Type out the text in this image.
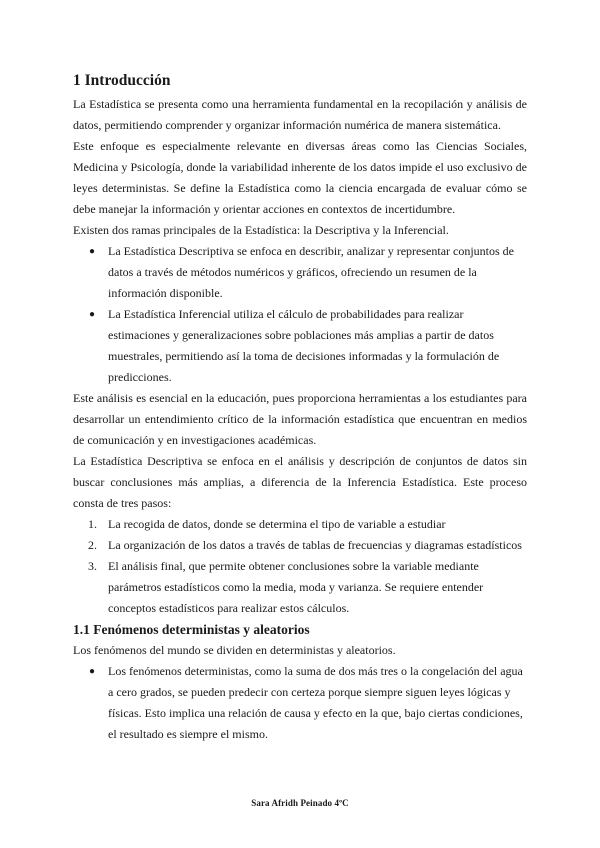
1 Introducción

La Estadística se presenta como una herramienta fundamental en la recopilación y análisis de datos, permitiendo comprender y organizar información numérica de manera sistemática.

Este enfoque es especialmente relevante en diversas áreas como las Ciencias Sociales, Medicina y Psicología, donde la variabilidad inherente de los datos impide el uso exclusivo de leyes deterministas. Se define la Estadística como la ciencia encargada de evaluar cómo se debe manejar la información y orientar acciones en contextos de incertidumbre.

Existen dos ramas principales de la Estadística: la Descriptiva y la Inferencial.

● La Estadística Descriptiva se enfoca en describir, analizar y representar conjuntos de datos a través de métodos numéricos y gráficos, ofreciendo un resumen de la información disponible.
● La Estadística Inferencial utiliza el cálculo de probabilidades para realizar estimaciones y generalizaciones sobre poblaciones más amplias a partir de datos muestrales, permitiendo así la toma de decisiones informadas y la formulación de predicciones.

Este análisis es esencial en la educación, pues proporciona herramientas a los estudiantes para desarrollar un entendimiento crítico de la información estadística que encuentran en medios de comunicación y en investigaciones académicas.

La Estadística Descriptiva se enfoca en el análisis y descripción de conjuntos de datos sin buscar conclusiones más amplias, a diferencia de la Inferencia Estadística. Este proceso consta de tres pasos:

1. La recogida de datos, donde se determina el tipo de variable a estudiar
2. La organización de los datos a través de tablas de frecuencias y diagramas estadísticos
3. El análisis final, que permite obtener conclusiones sobre la variable mediante parámetros estadísticos como la media, moda y varianza. Se requiere entender conceptos estadísticos para realizar estos cálculos.
1.1 Fenómenos deterministas y aleatorios

Los fenómenos del mundo se dividen en deterministas y aleatorios.

● Los fenómenos deterministas, como la suma de dos más tres o la congelación del agua a cero grados, se pueden predecir con certeza porque siempre siguen leyes lógicas y físicas. Esto implica una relación de causa y efecto en la que, bajo ciertas condiciones, el resultado es siempre el mismo.
Sara Afridh Peinado 4ºC
